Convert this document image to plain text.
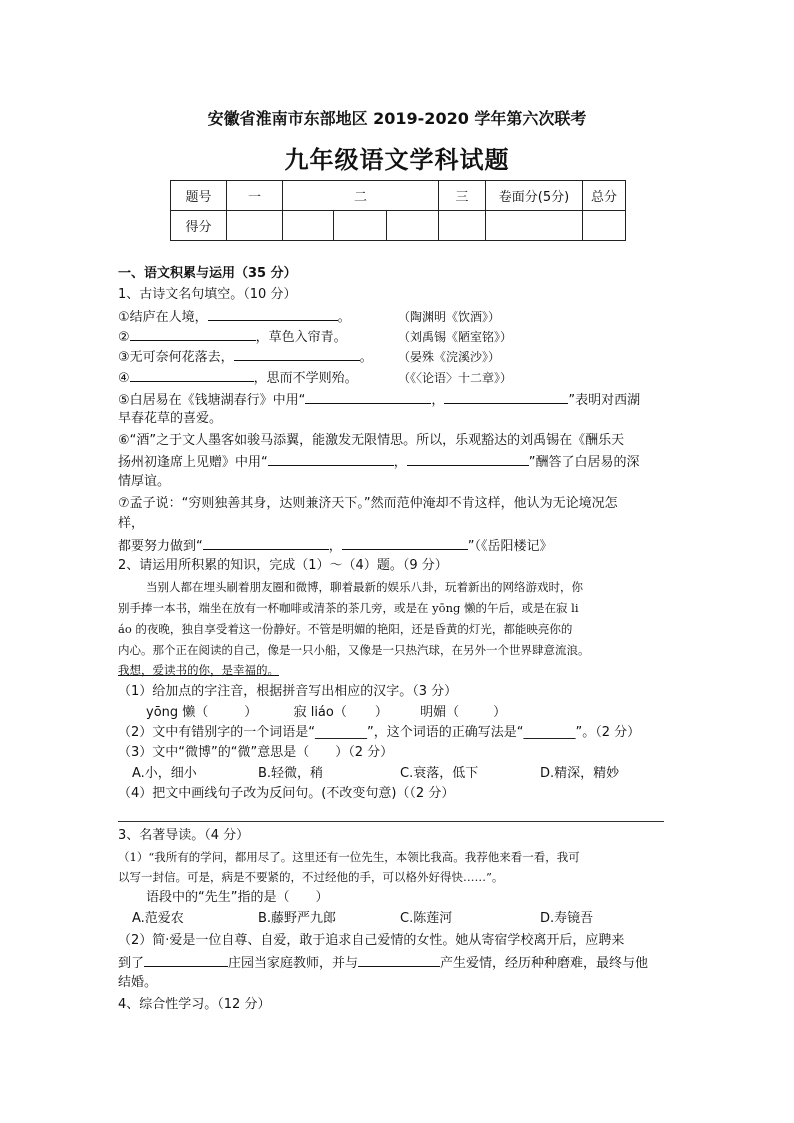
安徽省淮南市东部地区 2019-2020 学年第六次联考
九年级语文学科试题
题号	一	二			三	卷面分(5分)	总分
得分							
一、语文积累与运用（35 分）
1、古诗文名句填空。（10 分）
①结庐在人境，	。	（陶渊明《饮酒》）
②	，草色入帘青。	（刘禹锡《陋室铭》）
③无可奈何花落去，	。 （晏殊《浣溪沙》）
④	，思而不学则殆。	（《〈论语〉十二章》）
⑤白居易在《钱塘湖春行》中用“	，	”表明对西湖
早春花草的喜爱。
⑥“酒”之于文人墨客如骏马添翼，能激发无限情思。所以，乐观豁达的刘禹锡在《酬乐天
扬州初逢席上见赠》中用“	，	”酬答了白居易的深
情厚谊。
⑦孟子说：“穷则独善其身，达则兼济天下。”然而范仲淹却不肯这样，他认为无论境况怎
样，
都要努力做到“	，	”（《岳阳楼记》
2、请运用所积累的知识，完成（1）～（4）题。（9 分）
当别人都在埋头刷着朋友圈和微博，聊着最新的娱乐八卦，玩着新出的网络游戏时，你
别手捧一本书，端坐在放有一杯咖啡或清茶的茶几旁，或是在 yōng 懒的午后，或是在寂 li
áo 的夜晚，独自享受着这一份静好。不管是明媚的艳阳，还是昏黄的灯光，都能映亮你的
内心。那个正在阅读的自己，像是一只小船，又像是一只热汽球，在另外一个世界肆意流浪。
我想，爱读书的你，是幸福的。
（1）给加点的字注音，根据拼音写出相应的汉字。（3 分）
yōng 懒（	）	寂 liáo（ ） 明媚（	）
（2）文中有错别字的一个词语是“________”，这个词语的正确写法是“________”。（2 分）
（3）文中“微博”的“微”意思是（　　）（2 分）
A.小，细小	B.轻微，稍	C.衰落，低下	D.精深，精妙
（4）把文中画线句子改为反问句。(不改变句意)（（2 分）
3、名著导读。（4 分）
（1）“我所有的学问，都用尽了。这里还有一位先生，本领比我高。我荐他来看一看，我可
以写一封信。可是，病是不要紧的，不过经他的手，可以格外好得快……”。
语段中的“先生”指的是（　　）
A.范爱农	B.藤野严九郎	C.陈莲河	D.寿镜吾
（2）简·爱是一位自尊、自爱，敢于追求自己爱情的女性。她从寄宿学校离开后，应聘来
到了	庄园当家庭教师，并与	产生爱情，经历种种磨难，最终与他
结婚。
4、综合性学习。（12 分）
